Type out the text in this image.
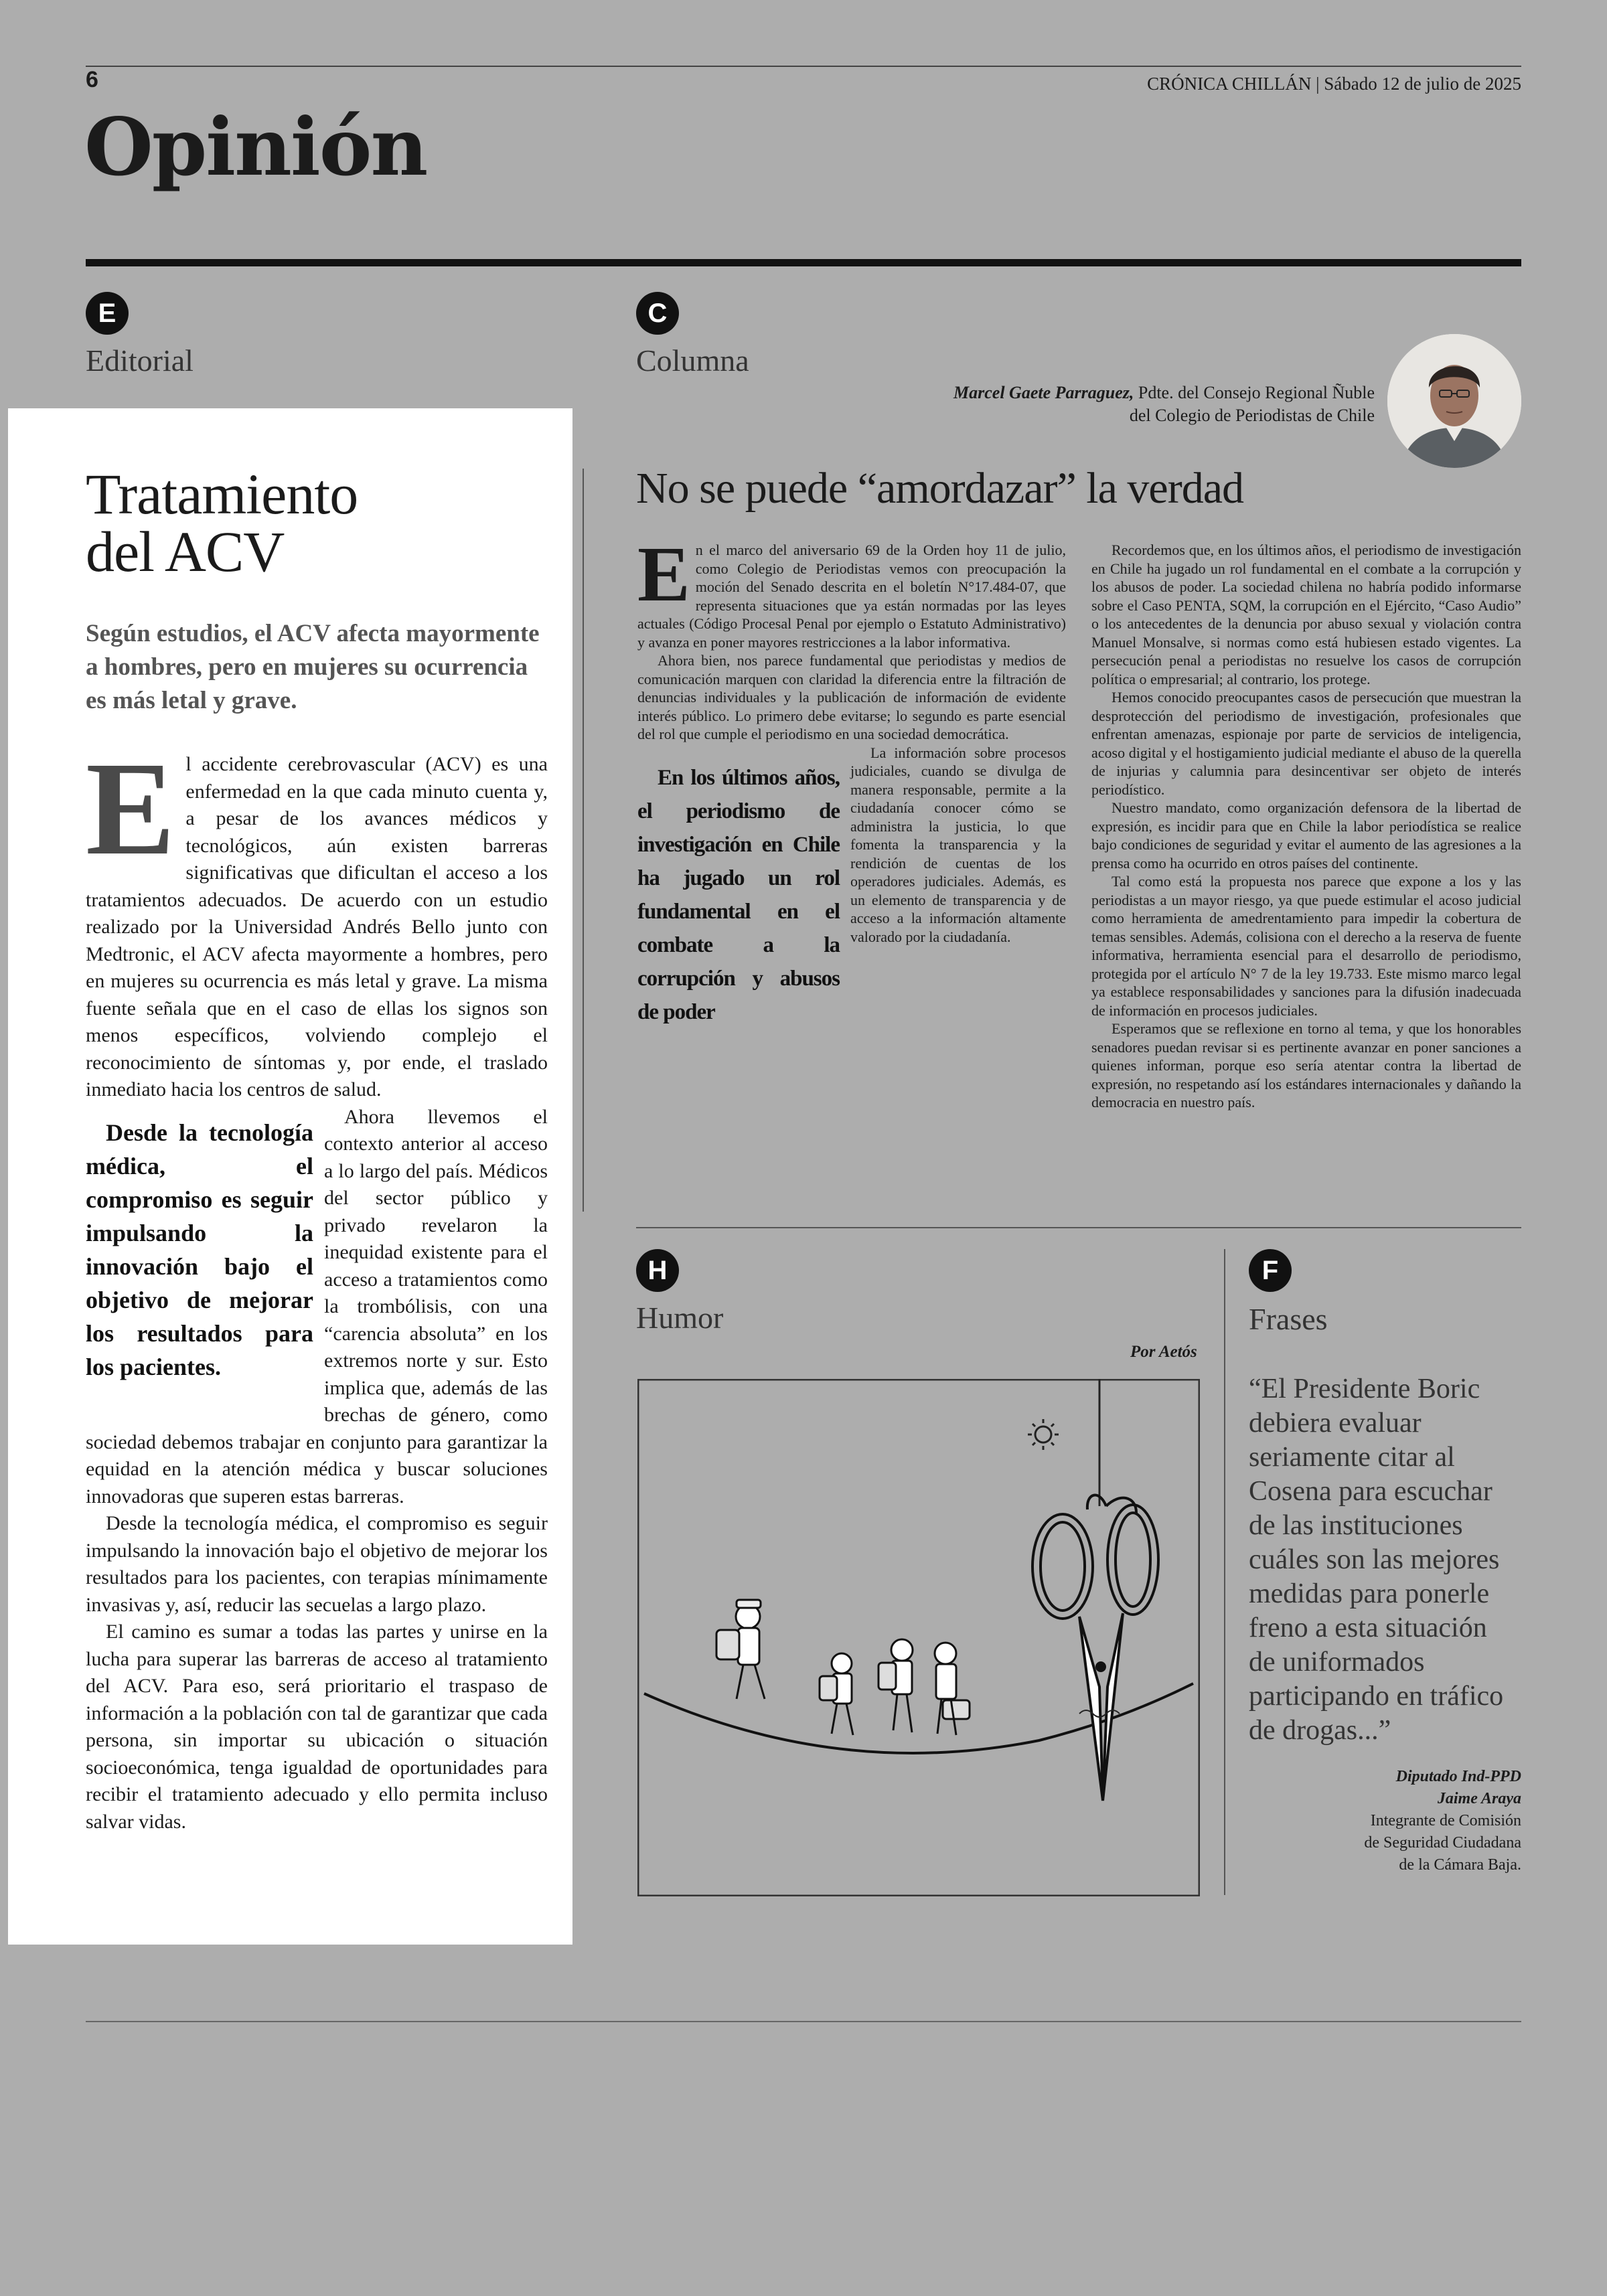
6	CRÓNICA CHILLÁN | Sábado 12 de julio de 2025
Opinión
E
Editorial
Tratamiento
del ACV
Según estudios, el ACV afecta mayormente a hombres, pero en mujeres su ocurrencia es más letal y grave.

El accidente cerebrovascular (ACV) es una enfermedad en la que cada minuto cuenta y, a pesar de los avances médicos y tecnológicos, aún existen barreras significativas que dificultan el acceso a los tratamientos adecuados. De acuerdo con un estudio realizado por la Universidad Andrés Bello junto con Medtronic, el ACV afecta mayormente a hombres, pero en mujeres su ocurrencia es más letal y grave. La misma fuente señala que en el caso de ellas los signos son menos específicos, volviendo complejo el reconocimiento de síntomas y, por ende, el traslado inmediato hacia los centros de salud.

Desde la tecnología médica, el compromiso es seguir impulsando la innovación bajo el objetivo de mejorar los resultados para los pacientes.
Ahora llevemos el contexto anterior al acceso a lo largo del país. Médicos del sector público y privado revelaron la inequidad existente para el acceso a tratamientos como la trombólisis, con una “carencia absoluta” en los extremos norte y sur. Esto implica que, además de las brechas de género, como sociedad debemos trabajar en conjunto para garantizar la equidad en la atención médica y buscar soluciones innovadoras que superen estas barreras.

Desde la tecnología médica, el compromiso es seguir impulsando la innovación bajo el objetivo de mejorar los resultados para los pacientes, con terapias mínimamente invasivas y, así, reducir las secuelas a largo plazo.

El camino es sumar a todas las partes y unirse en la lucha para superar las barreras de acceso al tratamiento del ACV. Para eso, será prioritario el traspaso de información a la población con tal de garantizar que cada persona, sin importar su ubicación o situación socioeconómica, tenga igualdad de oportunidades para recibir el tratamiento adecuado y ello permita incluso salvar vidas.

C
Columna
Marcel Gaete Parraguez, Pdte. del Consejo Regional Ñuble
del Colegio de Periodistas de Chile
No se puede “amordazar” la verdad

En el marco del aniversario 69 de la Orden hoy 11 de julio, como Colegio de Periodistas vemos con preocupación la moción del Senado descrita en el boletín N°17.484-07, que representa situaciones que ya están normadas por las leyes actuales (Código Procesal Penal por ejemplo o Estatuto Administrativo) y avanza en poner mayores restricciones a la labor informativa.

Ahora bien, nos parece fundamental que periodistas y medios de comunicación marquen con claridad la diferencia entre la filtración de denuncias individuales y la publicación de información de evidente interés público. Lo primero debe evitarse; lo segundo es parte esencial del rol que cumple el periodismo en una sociedad democrática.

En los últimos años, el periodismo de investigación en Chile ha jugado un rol fundamental en el combate a la corrupción y abusos de poder
La información sobre procesos judiciales, cuando se divulga de manera responsable, permite a la ciudadanía conocer cómo se administra la justicia, lo que fomenta la transparencia y la rendición de cuentas de los operadores judiciales. Además, es un elemento de transparencia y de acceso a la información altamente valorado por la ciudadanía.

Recordemos que, en los últimos años, el periodismo de investigación en Chile ha jugado un rol fundamental en el combate a la corrupción y los abusos de poder. La sociedad chilena no habría podido informarse sobre el Caso PENTA, SQM, la corrupción en el Ejército, “Caso Audio” o los antecedentes de la denuncia por abuso sexual y violación contra Manuel Monsalve, si normas como está hubiesen estado vigentes. La persecución penal a periodistas no resuelve los casos de corrupción política o empresarial; al contrario, los protege.

Hemos conocido preocupantes casos de persecución que muestran la desprotección del periodismo de investigación, profesionales que enfrentan amenazas, espionaje por parte de servicios de inteligencia, acoso digital y el hostigamiento judicial mediante el abuso de la querella de injurias y calumnia para desincentivar ser objeto de interés periodístico.

Nuestro mandato, como organización defensora de la libertad de expresión, es incidir para que en Chile la labor periodística se realice bajo condiciones de seguridad y evitar el aumento de las agresiones a la prensa como ha ocurrido en otros países del continente.

Tal como está la propuesta nos parece que expone a los y las periodistas a un mayor riesgo, ya que puede estimular el acoso judicial como herramienta de amedrentamiento para impedir la cobertura de temas sensibles. Además, colisiona con el derecho a la reserva de fuente informativa, herramienta esencial para el desarrollo de periodismo, protegida por el artículo N° 7 de la ley 19.733. Este mismo marco legal ya establece responsabilidades y sanciones para la difusión inadecuada de información en procesos judiciales.

Esperamos que se reflexione en torno al tema, y que los honorables senadores puedan revisar si es pertinente avanzar en poner sanciones a quienes informan, porque eso sería atentar contra la libertad de expresión, no respetando así los estándares internacionales y dañando la democracia en nuestro país.

H
Humor
Por Aetós
F
Frases
“El Presidente Boric debiera evaluar seriamente citar al Cosena para escuchar de las instituciones cuáles son las mejores medidas para ponerle freno a esta situación de uniformados participando en tráfico de drogas...”
Diputado Ind-PPD
Jaime Araya
Integrante de Comisión
de Seguridad Ciudadana
de la Cámara Baja.
